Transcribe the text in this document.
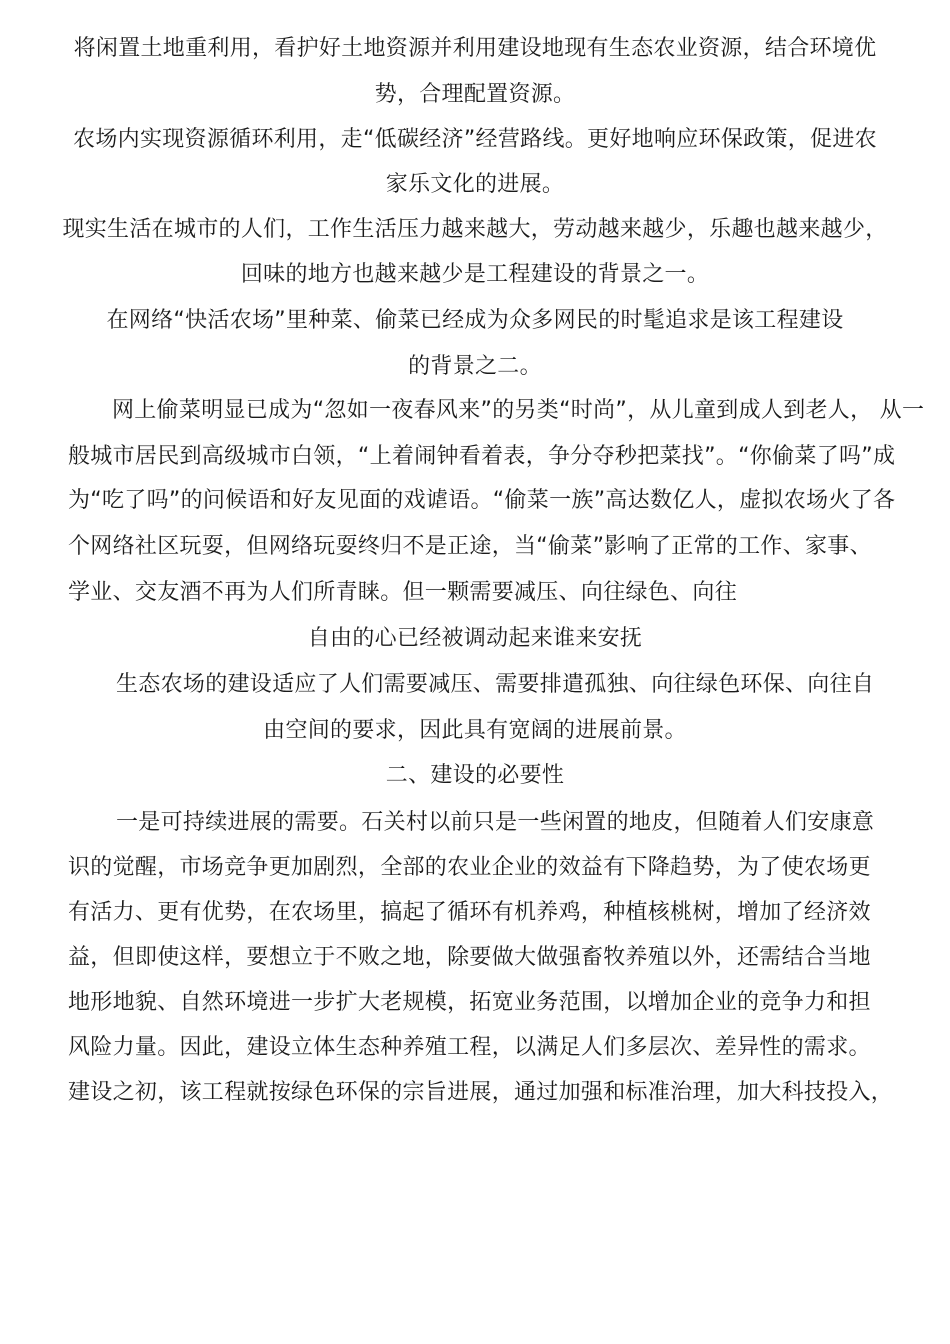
将闲置土地重利用，看护好土地资源并利用建设地现有生态农业资源，结合环境优
势，合理配置资源。
农场内实现资源循环利用，走“低碳经济”经营路线。更好地响应环保政策，促进农
家乐文化的进展。
现实生活在城市的人们，工作生活压力越来越大，劳动越来越少，乐趣也越来越少，
回味的地方也越来越少是工程建设的背景之一。
在网络“快活农场”里种菜、偷菜已经成为众多网民的时髦追求是该工程建设
的背景之二。
网上偷菜明显已成为“忽如一夜春风来”的另类“时尚”，从儿童到成人到老人， 从一
般城市居民到高级城市白领，“上着闹钟看着表，争分夺秒把菜找”。“你偷菜了吗”成
为“吃了吗”的问候语和好友见面的戏谑语。“偷菜一族”高达数亿人，虚拟农场火了各
个网络社区玩耍，但网络玩耍终归不是正途，当“偷菜”影响了正常的工作、家事、
学业、交友酒不再为人们所青睐。但一颗需要减压、向往绿色、向往
自由的心已经被调动起来谁来安抚
生态农场的建设适应了人们需要减压、需要排遣孤独、向往绿色环保、向往自
由空间的要求，因此具有宽阔的进展前景。
二、建设的必要性
一是可持续进展的需要。石关村以前只是一些闲置的地皮，但随着人们安康意
识的觉醒，市场竞争更加剧烈，全部的农业企业的效益有下降趋势，为了使农场更
有活力、更有优势，在农场里，搞起了循环有机养鸡，种植核桃树，增加了经济效
益，但即使这样，要想立于不败之地，除要做大做强畜牧养殖以外，还需结合当地
地形地貌、自然环境进一步扩大老规模，拓宽业务范围，以增加企业的竞争力和担
风险力量。因此，建设立体生态种养殖工程，以满足人们多层次、差异性的需求。
建设之初，该工程就按绿色环保的宗旨进展，通过加强和标准治理，加大科技投入，
